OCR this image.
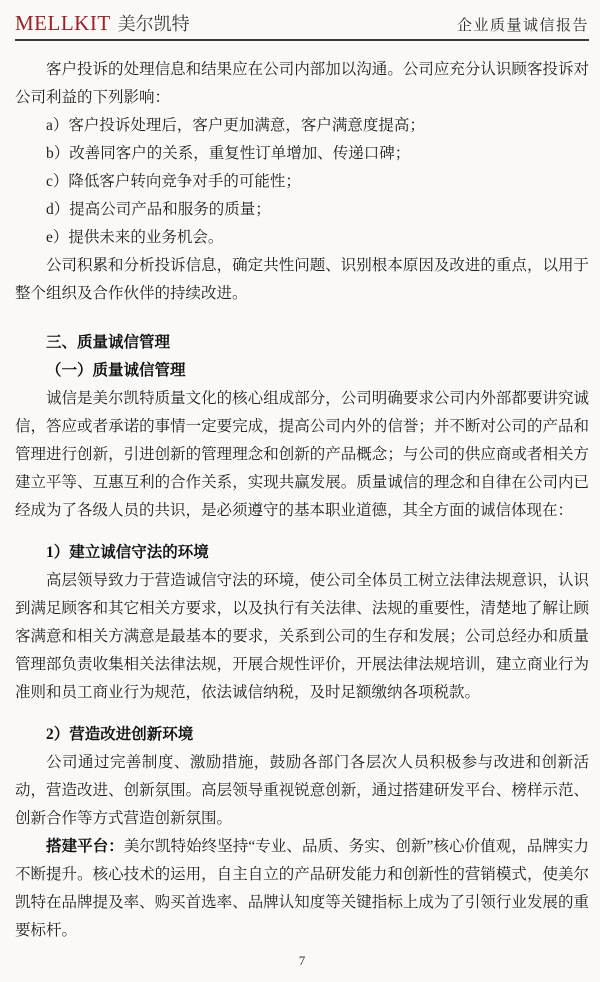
MELLKIT 美尔凯特	企业质量诚信报告

客户投诉的处理信息和结果应在公司内部加以沟通。公司应充分认识顾客投诉对公司利益的下列影响：

a）客户投诉处理后，客户更加满意，客户满意度提高；

b）改善同客户的关系，重复性订单增加、传递口碑；

c）降低客户转向竞争对手的可能性；

d）提高公司产品和服务的质量；

e）提供未来的业务机会。

公司积累和分析投诉信息，确定共性问题、识别根本原因及改进的重点，以用于整个组织及合作伙伴的持续改进。

三、质量诚信管理
（一）质量诚信管理

诚信是美尔凯特质量文化的核心组成部分，公司明确要求公司内外部都要讲究诚信，答应或者承诺的事情一定要完成，提高公司内外的信誉；并不断对公司的产品和管理进行创新，引进创新的管理理念和创新的产品概念；与公司的供应商或者相关方建立平等、互惠互利的合作关系，实现共赢发展。质量诚信的理念和自律在公司内已经成为了各级人员的共识，是必须遵守的基本职业道德，其全方面的诚信体现在：

1）建立诚信守法的环境

高层领导致力于营造诚信守法的环境，使公司全体员工树立法律法规意识，认识到满足顾客和其它相关方要求，以及执行有关法律、法规的重要性，清楚地了解让顾客满意和相关方满意是最基本的要求，关系到公司的生存和发展；公司总经办和质量管理部负责收集相关法律法规，开展合规性评价，开展法律法规培训，建立商业行为准则和员工商业行为规范，依法诚信纳税，及时足额缴纳各项税款。

2）营造改进创新环境

公司通过完善制度、激励措施，鼓励各部门各层次人员积极参与改进和创新活动，营造改进、创新氛围。高层领导重视锐意创新，通过搭建研发平台、榜样示范、创新合作等方式营造创新氛围。

搭建平台：美尔凯特始终坚持“专业、品质、务实、创新”核心价值观，品牌实力不断提升。核心技术的运用，自主自立的产品研发能力和创新性的营销模式，使美尔凯特在品牌提及率、购买首选率、品牌认知度等关键指标上成为了引领行业发展的重要标杆。

7
